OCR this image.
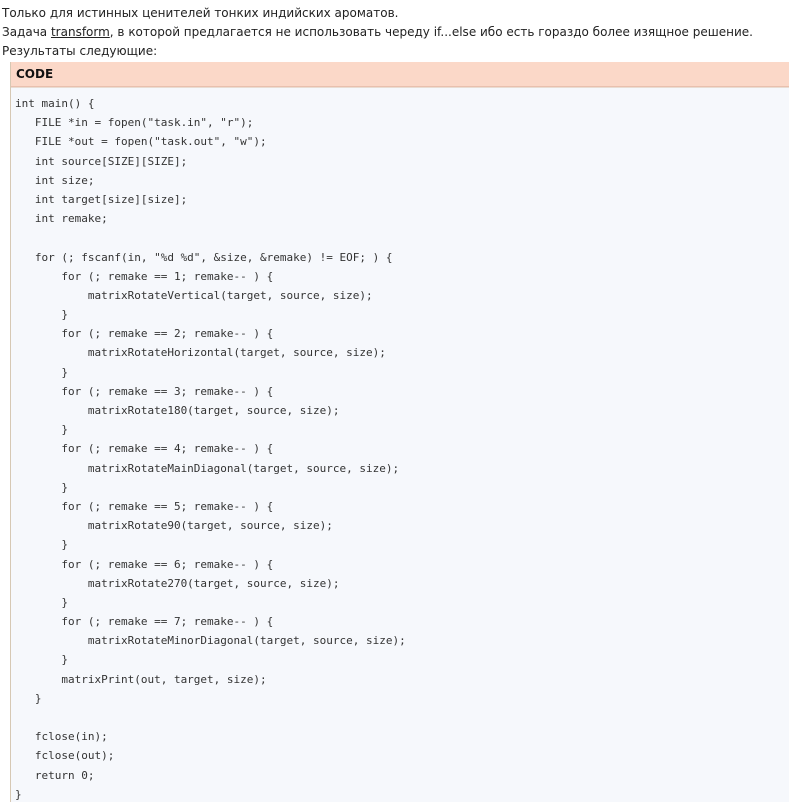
Только для истинных ценителей тонких индийских ароматов.
Задача transform, в которой предлагается не использовать череду if...else ибо есть гораздо более изящное решение.
Результаты следующие:
CODE
int main() {
FILE *in = fopen("task.in", "r");
FILE *out = fopen("task.out", "w");
int source[SIZE][SIZE];
int size;
int target[size][size];
int remake;
for (; fscanf(in, "%d %d", &size, &remake) != EOF; ) {
for (; remake == 1; remake-- ) {
matrixRotateVertical(target, source, size);
}
for (; remake == 2; remake-- ) {
matrixRotateHorizontal(target, source, size);
}
for (; remake == 3; remake-- ) {
matrixRotate180(target, source, size);
}
for (; remake == 4; remake-- ) {
matrixRotateMainDiagonal(target, source, size);
}
for (; remake == 5; remake-- ) {
matrixRotate90(target, source, size);
}
for (; remake == 6; remake-- ) {
matrixRotate270(target, source, size);
}
for (; remake == 7; remake-- ) {
matrixRotateMinorDiagonal(target, source, size);
}
matrixPrint(out, target, size);
}
fclose(in);
fclose(out);
return 0;
}
